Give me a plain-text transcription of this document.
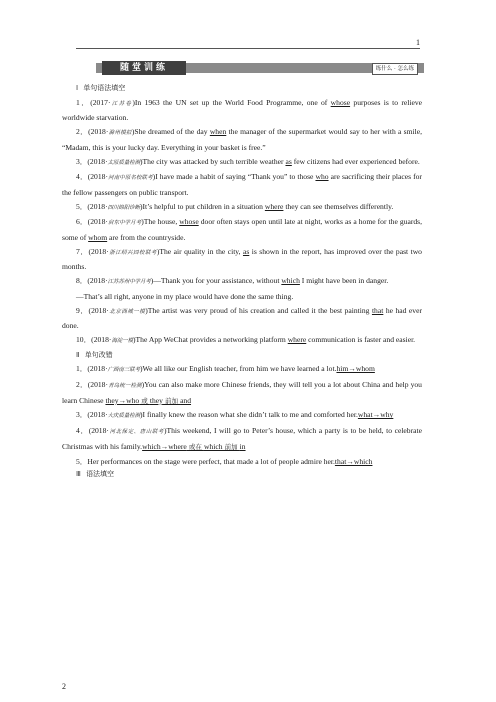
1
随堂训练	练什么 · 怎么练
Ⅰ 单句语法填空
1．(2017·江苏卷)In 1963 the UN set up the World Food Programme, one of whose purposes is to relieve worldwide starvation.
2．(2018·滁州模拟)She dreamed of the day when the manager of the supermarket would say to her with a smile, “Madam, this is your lucky day. Everything in your basket is free.”
3．(2018·太原质量检测)The city was attacked by such terrible weather as few citizens had ever experienced before.
4．(2018·河南中原名校联考)I have made a habit of saying “Thank you” to those who are sacrificing their places for the fellow passengers on public transport.
5．(2018·四川绵阳诊断)It’s helpful to put children in a situation where they can see themselves differently.
6．(2018·启东中学月考)The house, whose door often stays open until late at night, works as a home for the guards, some of whom are from the countryside.
7．(2018·浙江绍兴四校联考)The air quality in the city, as is shown in the report, has improved over the past two months.
8．(2018·江苏苏州中学月考)—Thank you for your assistance, without which I might have been in danger.
—That’s all right, anyone in my place would have done the same thing.
9．(2018·北京西城一模)The artist was very proud of his creation and called it the best painting that he had ever done.
10．(2018·海淀一模)The App WeChat provides a networking platform where communication is faster and easier.
Ⅱ 单句改错
1．(2018·广西南三联考)We all like our English teacher, from him we have learned a lot.him→whom
2．(2018·青岛统一检测)You can also make more Chinese friends, they will tell you a lot about China and help you learn Chinese they→who 或 they 前加 and
3．(2018·大庆质量检测)I finally knew the reason what she didn’t talk to me and comforted her.what→why
4．(2018·河北保定、唐山联考)This weekend, I will go to Peter’s house, which a party is to be held, to celebrate Christmas with his family.which→where 或在 which 前加 in
5．Her performances on the stage were perfect, that made a lot of people admire her.that→which
Ⅲ 语法填空
2
